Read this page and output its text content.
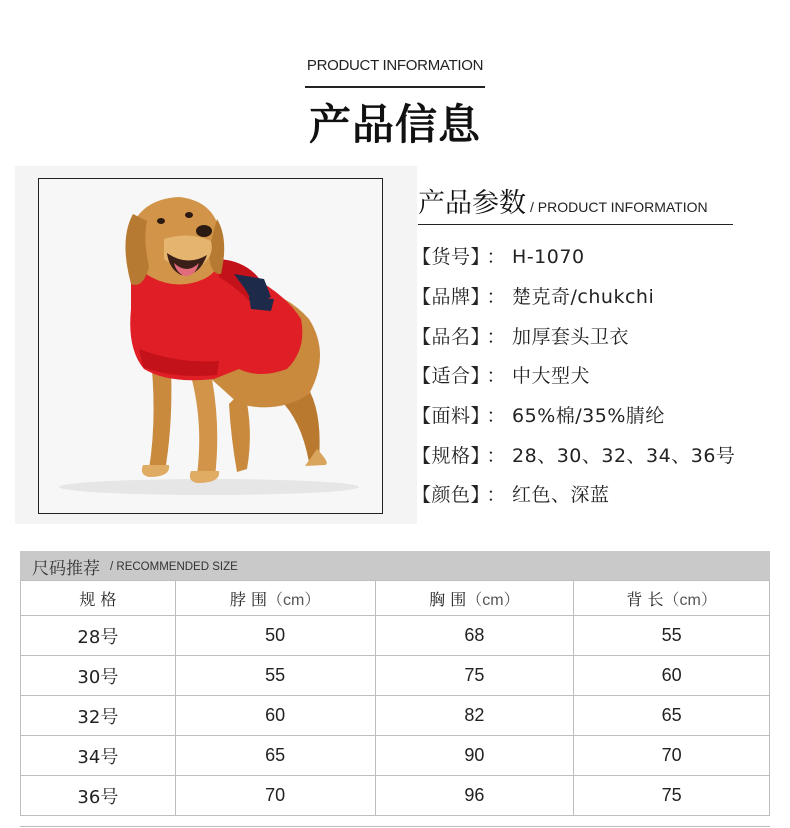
PRODUCT INFORMATION
产品信息
产品参数 / PRODUCT INFORMATION
【货号】 ： H-1070
【品牌】 ： 楚克奇/chukchi
【品名】 ： 加厚套头卫衣
【适合】 ： 中大型犬
【面料】 ： 65%棉/35%腈纶
【规格】 ： 28、30、32、34、36号
【颜色】 ： 红色、深蓝
尺码推荐 / RECOMMENDED SIZE
规 格	脖 围（cm）	胸 围（cm）	背 长（cm）
28号	50	68	55
30号	55	75	60
32号	60	82	65
34号	65	90	70
36号	70	96	75
